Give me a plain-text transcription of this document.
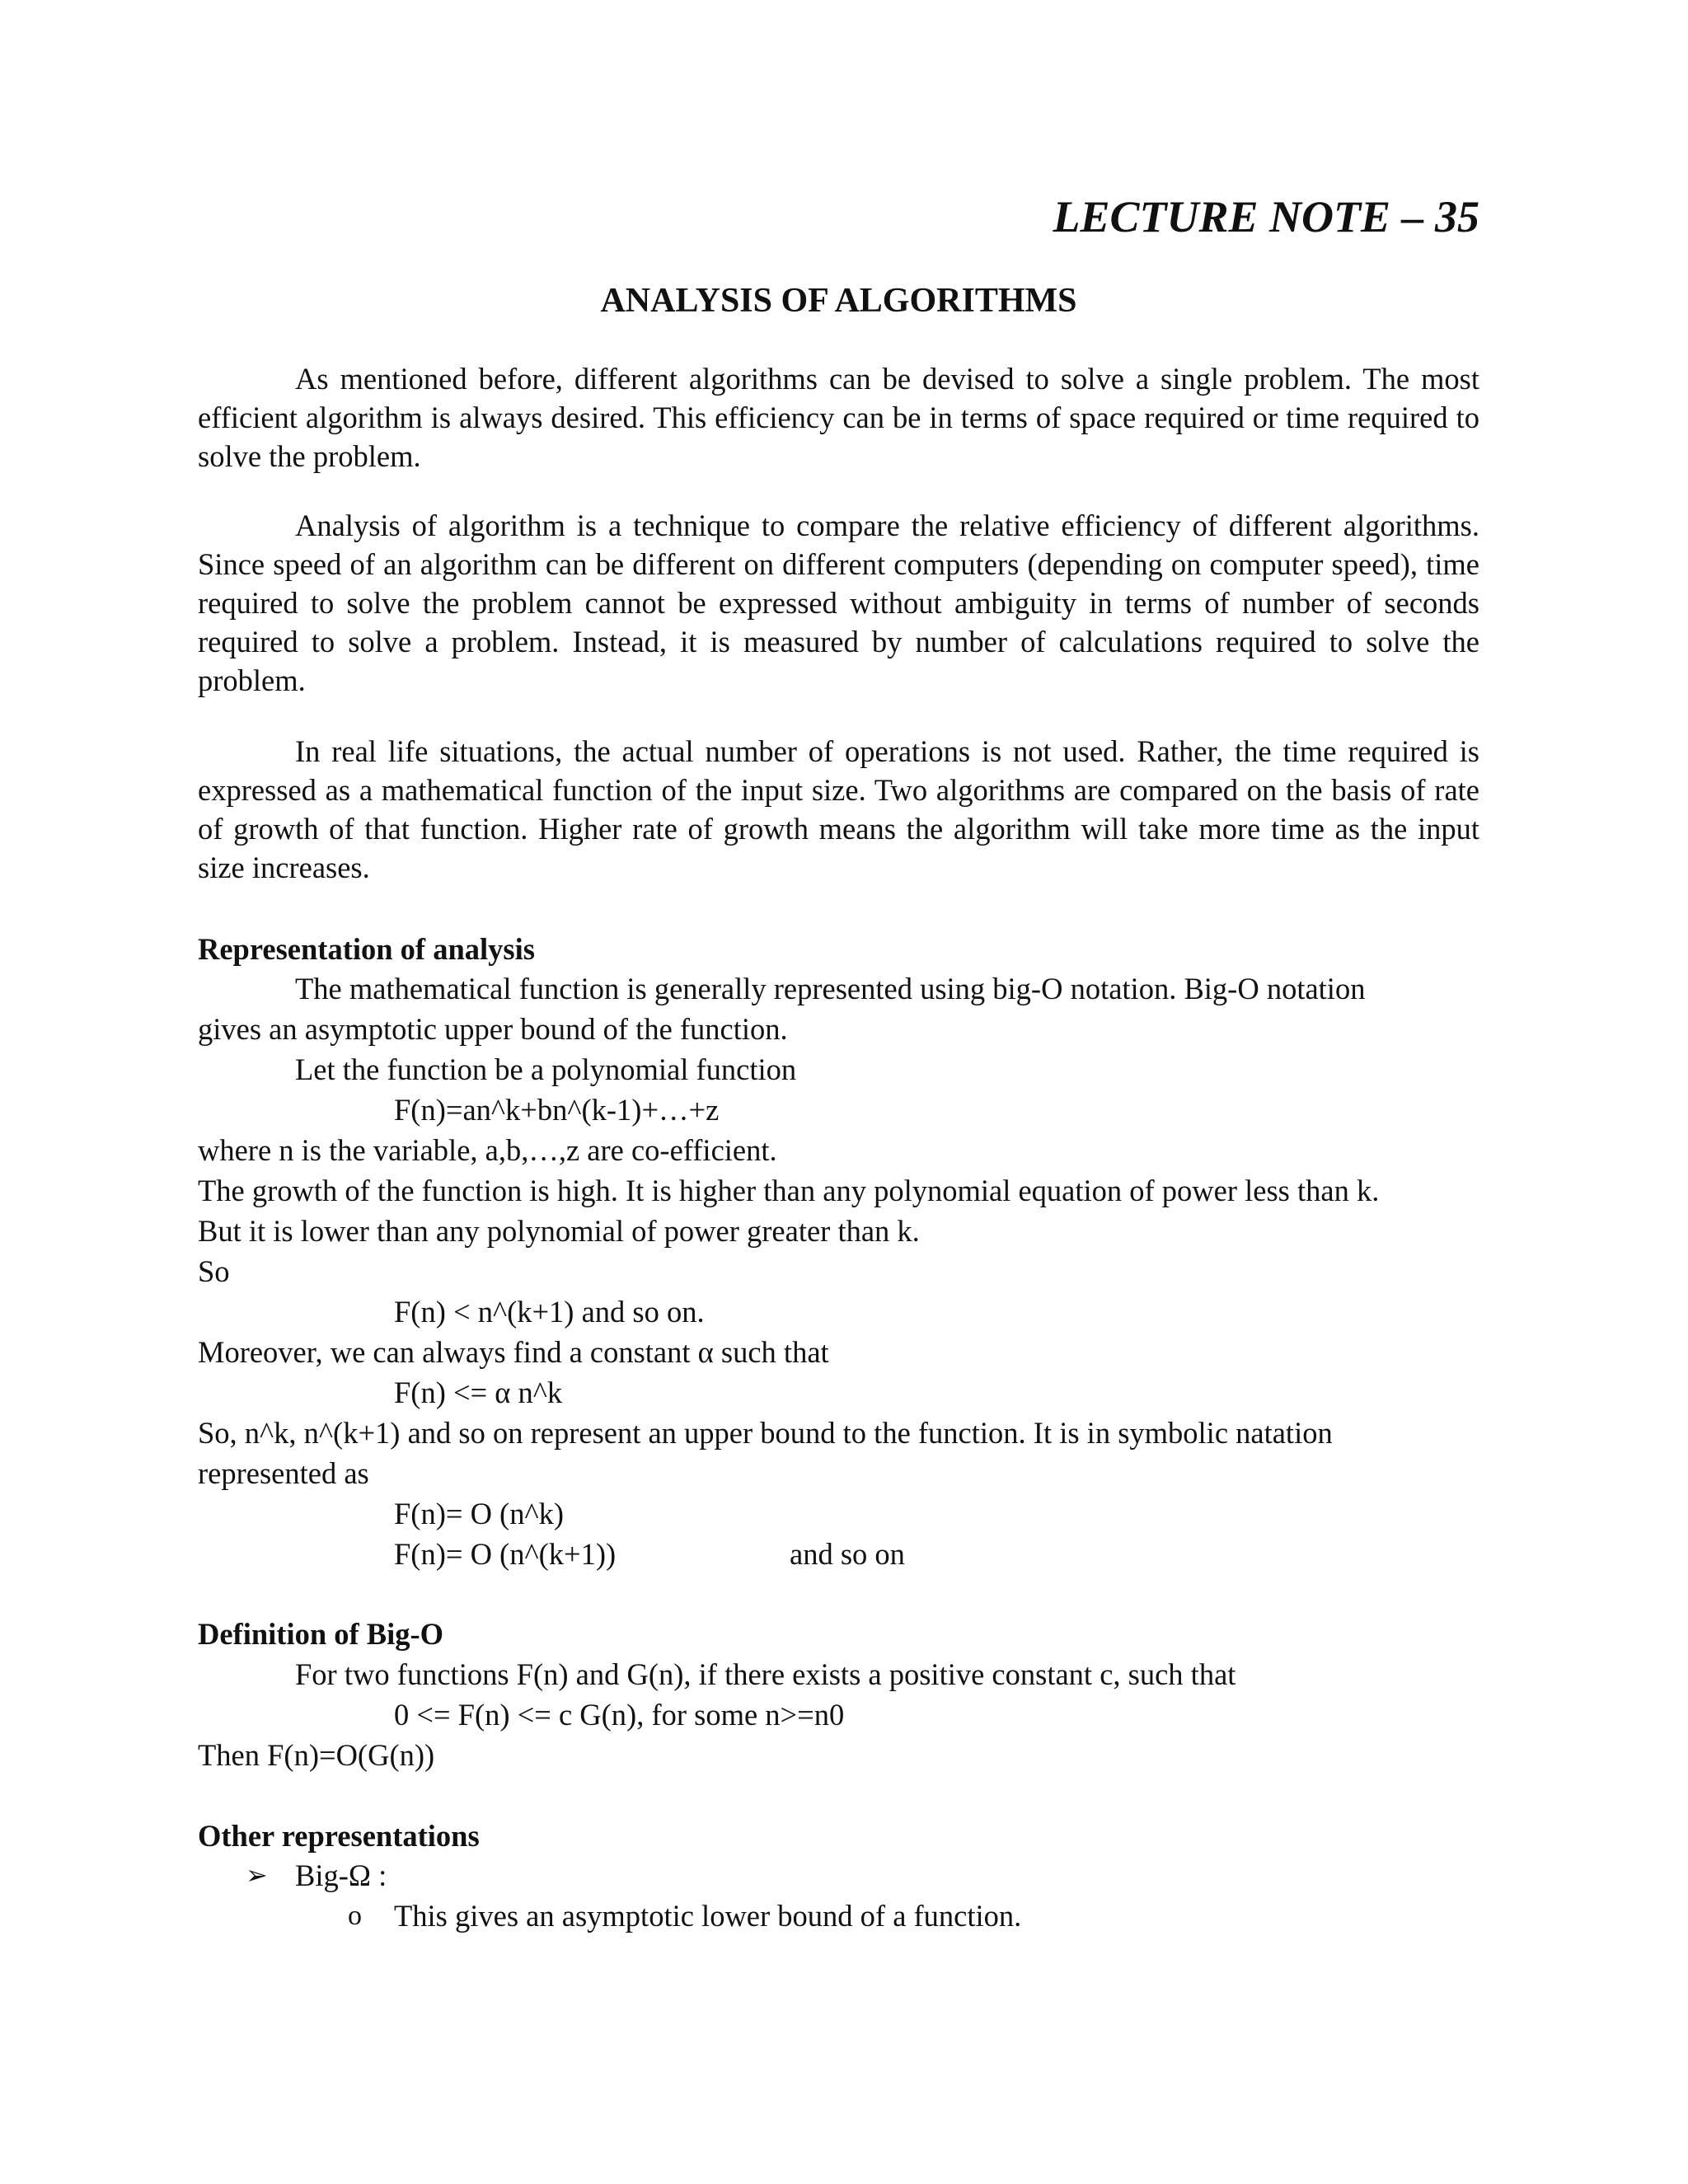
LECTURE NOTE – 35
ANALYSIS OF ALGORITHMS

As mentioned before, different algorithms can be devised to solve a single problem. The most efficient algorithm is always desired. This efficiency can be in terms of space required or time required to solve the problem.

Analysis of algorithm is a technique to compare the relative efficiency of different algorithms. Since speed of an algorithm can be different on different computers (depending on computer speed), time required to solve the problem cannot be expressed without ambiguity in terms of number of seconds required to solve a problem. Instead, it is measured by number of calculations required to solve the problem.

In real life situations, the actual number of operations is not used. Rather, the time required is expressed as a mathematical function of the input size. Two algorithms are compared on the basis of rate of growth of that function. Higher rate of growth means the algorithm will take more time as the input size increases.

Representation of analysis
The mathematical function is generally represented using big-O notation. Big-O notation
gives an asymptotic upper bound of the function.
Let the function be a polynomial function
F(n)=an^k+bn^(k-1)+…+z
where n is the variable, a,b,…,z are co-efficient.
The growth of the function is high. It is higher than any polynomial equation of power less than k.
But it is lower than any polynomial of power greater than k.
So
F(n) < n^(k+1) and so on.
Moreover, we can always find a constant α such that
F(n) <= α n^k
So, n^k, n^(k+1) and so on represent an upper bound to the function. It is in symbolic natation
represented as
F(n)= O (n^k)
F(n)= O (n^(k+1))	and so on
Definition of Big-O
For two functions F(n) and G(n), if there exists a positive constant c, such that
0 <= F(n) <= c G(n), for some n>=n0
Then F(n)=O(G(n))
Other representations
➢ Big-Ω :
o This gives an asymptotic lower bound of a function.
